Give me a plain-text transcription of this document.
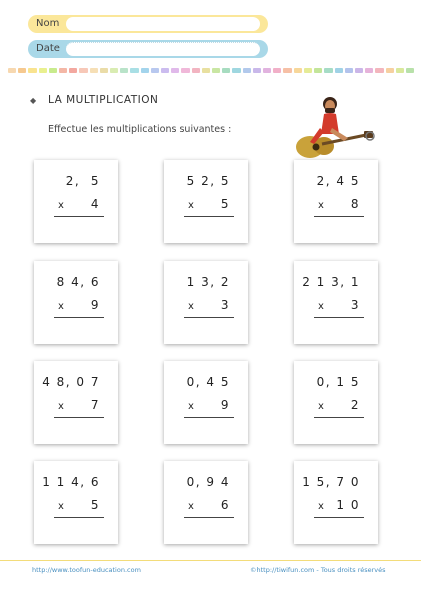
Nom
Date
◆ LA MULTIPLICATION
Effectue les multiplications suivantes :
2,  5
x 4
5 2, 5
x 5
2, 4 5
x 8
8 4, 6
x 9
1 3, 2
x 3
2 1 3, 1
x 3
4 8, 0 7
x 7
0, 4 5
x 9
0, 1 5
x 2
1 1 4, 6
x 5
0, 9 4
x 6
1 5, 7 0
x 1 0
http://www.toofun-education.com	©http://tiwifun.com - Tous droits réservés
